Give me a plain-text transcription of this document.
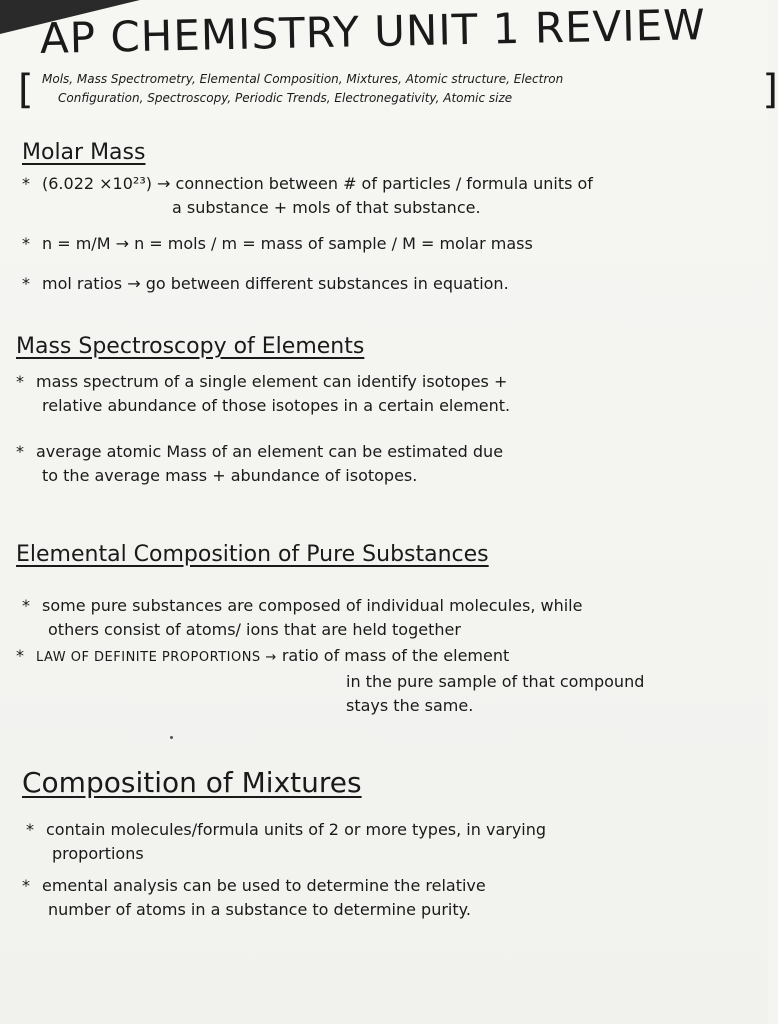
AP CHEMISTRY UNIT 1 REVIEW
[ Mols, Mass Spectrometry, Elemental Composition, Mixtures, Atomic structure, Electron
Configuration, Spectroscopy, Periodic Trends, Electronegativity, Atomic size	]
Molar Mass
* (6.022 ×10²³) → connection between # of particles / formula units of
a substance + mols of that substance.
* n = m/M → n = mols / m = mass of sample / M = molar mass
* mol ratios → go between different substances in equation.
Mass Spectroscopy of Elements
* mass spectrum of a single element can identify isotopes +
relative abundance of those isotopes in a certain element.
* average atomic Mass of an element can be estimated due
to the average mass + abundance of isotopes.
Elemental Composition of Pure Substances
* some pure substances are composed of individual molecules, while
others consist of atoms/ ions that are held together
* LAW OF DEFINITE PROPORTIONS → ratio of mass of the element
in the pure sample of that compound
stays the same.
Composition of Mixtures
* contain molecules/formula units of 2 or more types, in varying
proportions
* emental analysis can be used to determine the relative
number of atoms in a substance to determine purity.
